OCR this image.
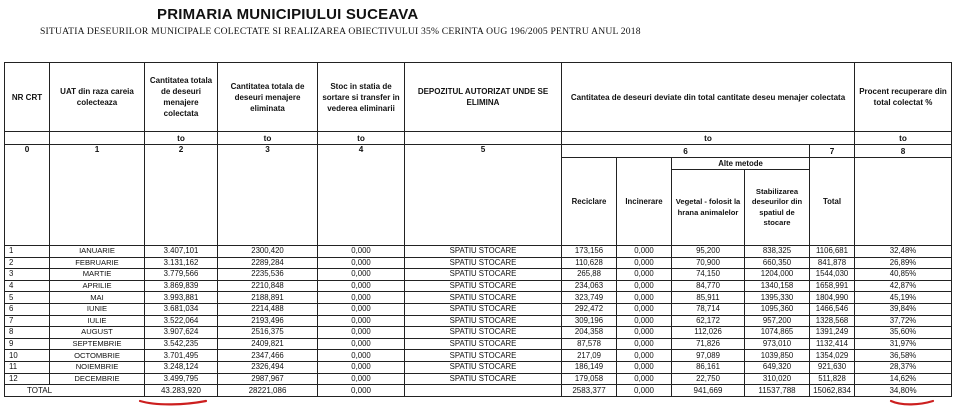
PRIMARIA MUNICIPIULUI SUCEAVA
SITUATIA DESEURILOR MUNICIPALE COLECTATE SI REALIZAREA OBIECTIVULUI 35% CERINTA OUG 196/2005 PENTRU ANUL 2018
NR CRT	UAT din raza careia colecteaza	Cantitatea totala de deseuri menajere colectata	Cantitatea totala de deseuri menajere eliminata	Stoc in statia de sortare si transfer in vederea eliminarii	DEPOZITUL AUTORIZAT UNDE SE ELIMINA	Cantitatea de deseuri deviate din total cantitate deseu menajer colectata					Procent recuperare din total colectat %
		to	to	to		to					to
0	1	2	3	4	5	6				7	8
						Reciclare	Incinerare	Alte metode		Total	
								Vegetal - folosit la hrana animalelor	Stabilizarea deseurilor din spatiul de stocare		
1	IANUARIE	3.407,101	2300,420	0,000	SPATIU STOCARE	173,156	0,000	95,200	838,325	1106,681	32,48%
2	FEBRUARIE	3.131,162	2289,284	0,000	SPATIU STOCARE	110,628	0,000	70,900	660,350	841,878	26,89%
3	MARTIE	3.779,566	2235,536	0,000	SPATIU STOCARE	265,88	0,000	74,150	1204,000	1544,030	40,85%
4	APRILIE	3.869,839	2210,848	0,000	SPATIU STOCARE	234,063	0,000	84,770	1340,158	1658,991	42,87%
5	MAI	3.993,881	2188,891	0,000	SPATIU STOCARE	323,749	0,000	85,911	1395,330	1804,990	45,19%
6	IUNIE	3.681,034	2214,488	0,000	SPATIU STOCARE	292,472	0,000	78,714	1095,360	1466,546	39,84%
7	IULIE	3.522,064	2193,496	0,000	SPATIU STOCARE	309,196	0,000	62,172	957,200	1328,568	37,72%
8	AUGUST	3.907,624	2516,375	0,000	SPATIU STOCARE	204,358	0,000	112,026	1074,865	1391,249	35,60%
9	SEPTEMBRIE	3.542,235	2409,821	0,000	SPATIU STOCARE	87,578	0,000	71,826	973,010	1132,414	31,97%
10	OCTOMBRIE	3.701,495	2347,466	0,000	SPATIU STOCARE	217,09	0,000	97,089	1039,850	1354,029	36,58%
11	NOIEMBRIE	3.248,124	2326,494	0,000	SPATIU STOCARE	186,149	0,000	86,161	649,320	921,630	28,37%
12	DECEMBRIE	3.499,795	2987,967	0,000	SPATIU STOCARE	179,058	0,000	22,750	310,020	511,828	14,62%
TOTAL		43.283,920	28221,086	0,000		2583,377	0,000	941,669	11537,788	15062,834	34,80%
